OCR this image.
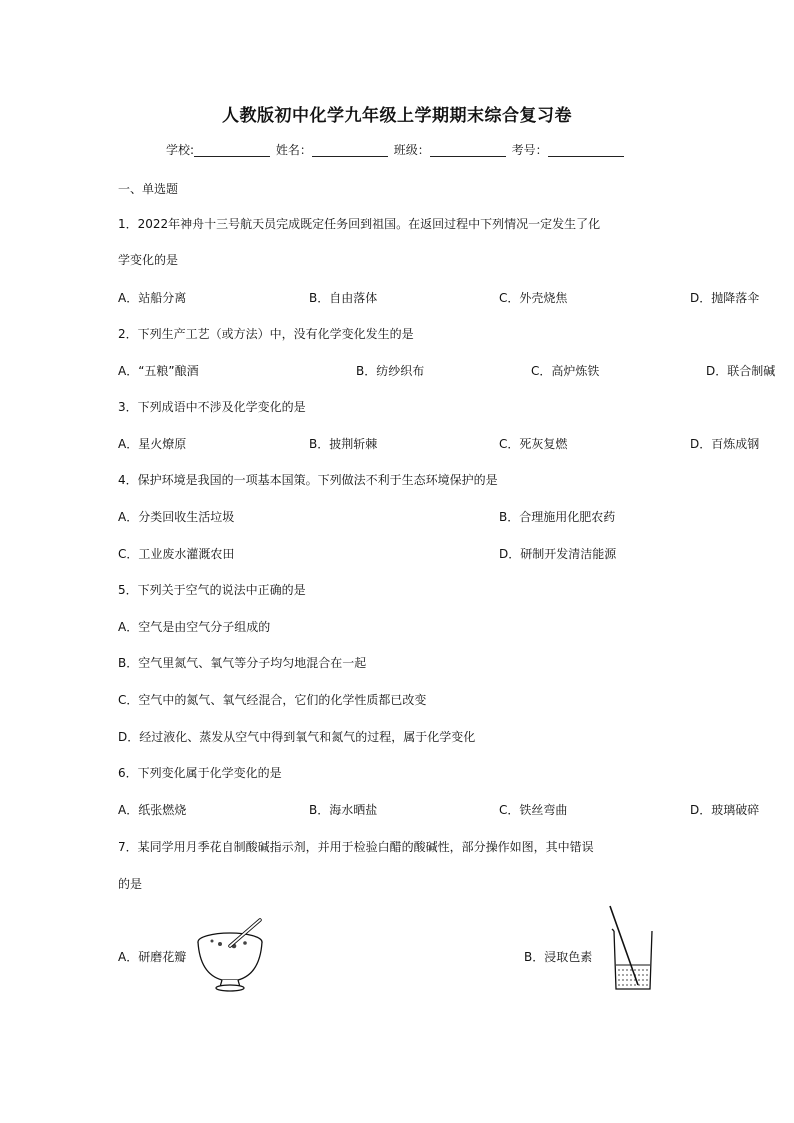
人教版初中化学九年级上学期期末综合复习卷
学校:	姓名：	班级：	考号：
一、单选题
1．2022年神舟十三号航天员完成既定任务回到祖国。在返回过程中下列情况一定发生了化
学变化的是
A．站船分离	B．自由落体	C．外壳烧焦	D．抛降落伞
2．下列生产工艺（或方法）中，没有化学变化发生的是
A．“五粮”酿酒	B．纺纱织布	C．高炉炼铁	D．联合制碱
3．下列成语中不涉及化学变化的是
A．星火燎原	B．披荆斩棘	C．死灰复燃	D．百炼成钢
4．保护环境是我国的一项基本国策。下列做法不利于生态环境保护的是
A．分类回收生活垃圾	B．合理施用化肥农药
C．工业废水灌溉农田	D．研制开发清洁能源
5．下列关于空气的说法中正确的是
A．空气是由空气分子组成的
B．空气里氮气、氧气等分子均匀地混合在一起
C．空气中的氮气、氧气经混合，它们的化学性质都已改变
D．经过液化、蒸发从空气中得到氧气和氮气的过程，属于化学变化
6．下列变化属于化学变化的是
A．纸张燃烧	B．海水晒盐	C．铁丝弯曲	D．玻璃破碎
7．某同学用月季花自制酸碱指示剂，并用于检验白醋的酸碱性，部分操作如图，其中错误
的是
A．研磨花瓣	B．浸取色素
